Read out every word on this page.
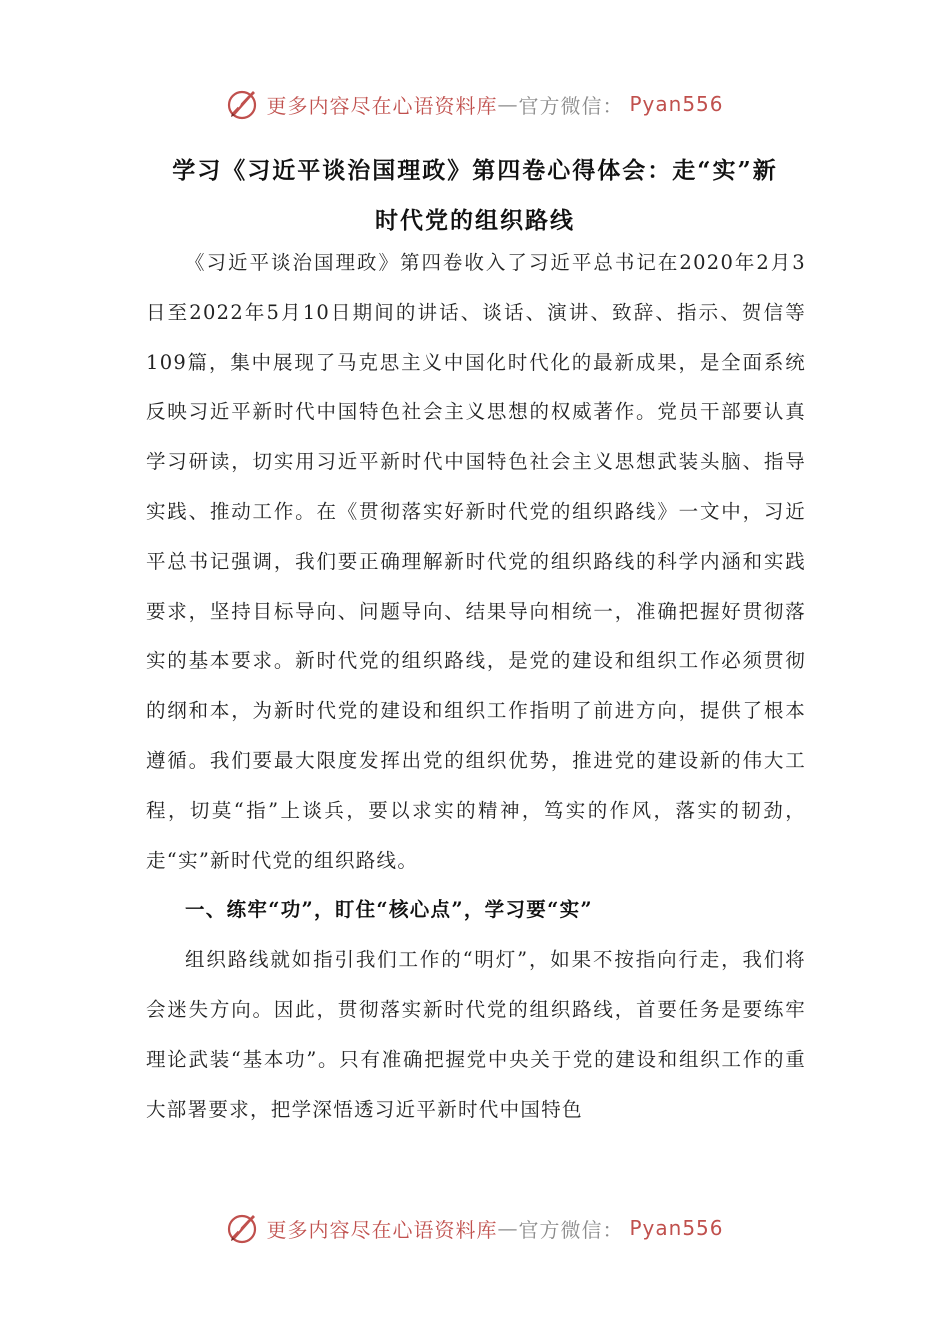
更多内容尽在心语资料库 — 官方微信： Pyan556
学习《习近平谈治国理政》第四卷心得体会：走“实”新
时代党的组织路线

《习近平谈治国理政》第四卷收入了习近平总书记在2020年2月3日至2022年5月10日期间的讲话、谈话、演讲、致辞、指示、贺信等109篇，集中展现了马克思主义中国化时代化的最新成果，是全面系统反映习近平新时代中国特色社会主义思想的权威著作。党员干部要认真学习研读，切实用习近平新时代中国特色社会主义思想武装头脑、指导实践、推动工作。在《贯彻落实好新时代党的组织路线》一文中，习近平总书记强调，我们要正确理解新时代党的组织路线的科学内涵和实践要求，坚持目标导向、问题导向、结果导向相统一，准确把握好贯彻落实的基本要求。新时代党的组织路线，是党的建设和组织工作必须贯彻的纲和本，为新时代党的建设和组织工作指明了前进方向，提供了根本遵循。我们要最大限度发挥出党的组织优势，推进党的建设新的伟大工程，切莫“指”上谈兵，要以求实的精神，笃实的作风，落实的韧劲，走“实”新时代党的组织路线。

一、练牢“功”，盯住“核心点”，学习要“实”

组织路线就如指引我们工作的“明灯”，如果不按指向行走，我们将会迷失方向。因此，贯彻落实新时代党的组织路线，首要任务是要练牢理论武装“基本功”。只有准确把握党中央关于党的建设和组织工作的重大部署要求，把学深悟透习近平新时代中国特色

更多内容尽在心语资料库 — 官方微信： Pyan556
